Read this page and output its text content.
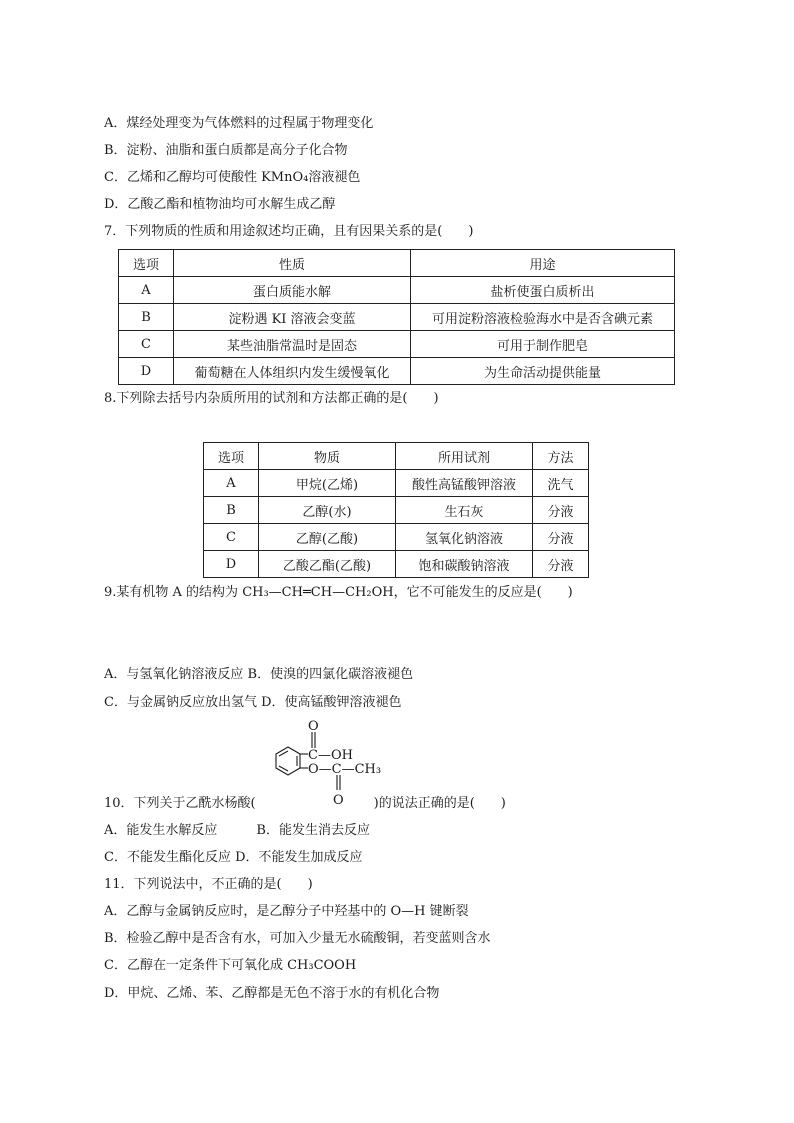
A．煤经处理变为气体燃料的过程属于物理变化
B．淀粉、油脂和蛋白质都是高分子化合物
C．乙烯和乙醇均可使酸性 KMnO₄溶液褪色
D．乙酸乙酯和植物油均可水解生成乙醇
7．下列物质的性质和用途叙述均正确，且有因果关系的是(　　)
选项	性质	用途
A	蛋白质能水解	盐析使蛋白质析出
B	淀粉遇 KI 溶液会变蓝	可用淀粉溶液检验海水中是否含碘元素
C	某些油脂常温时是固态	可用于制作肥皂
D	葡萄糖在人体组织内发生缓慢氧化	为生命活动提供能量
8.下列除去括号内杂质所用的试剂和方法都正确的是(　　)
选项	物质	所用试剂	方法
A	甲烷(乙烯)	酸性高锰酸钾溶液	洗气
B	乙醇(水)	生石灰	分液
C	乙醇(乙酸)	氢氧化钠溶液	分液
D	乙酸乙酯(乙酸)	饱和碳酸钠溶液	分液
9.某有机物 A 的结构为 CH₃—CH═CH—CH₂OH，它不可能发生的反应是(　　)
A．与氢氧化钠溶液反应 B．使溴的四氯化碳溶液褪色
C．与金属钠反应放出氢气 D．使高锰酸钾溶液褪色
O
C—OH
O—C—CH₃
O
10．下列关于乙酰水杨酸(	)的说法正确的是(　　)
A．能发生水解反应　　　B．能发生消去反应
C．不能发生酯化反应 D．不能发生加成反应
11．下列说法中，不正确的是(　　)
A．乙醇与金属钠反应时，是乙醇分子中羟基中的 O—H 键断裂
B．检验乙醇中是否含有水，可加入少量无水硫酸铜，若变蓝则含水
C．乙醇在一定条件下可氧化成 CH₃COOH
D．甲烷、乙烯、苯、乙醇都是无色不溶于水的有机化合物
